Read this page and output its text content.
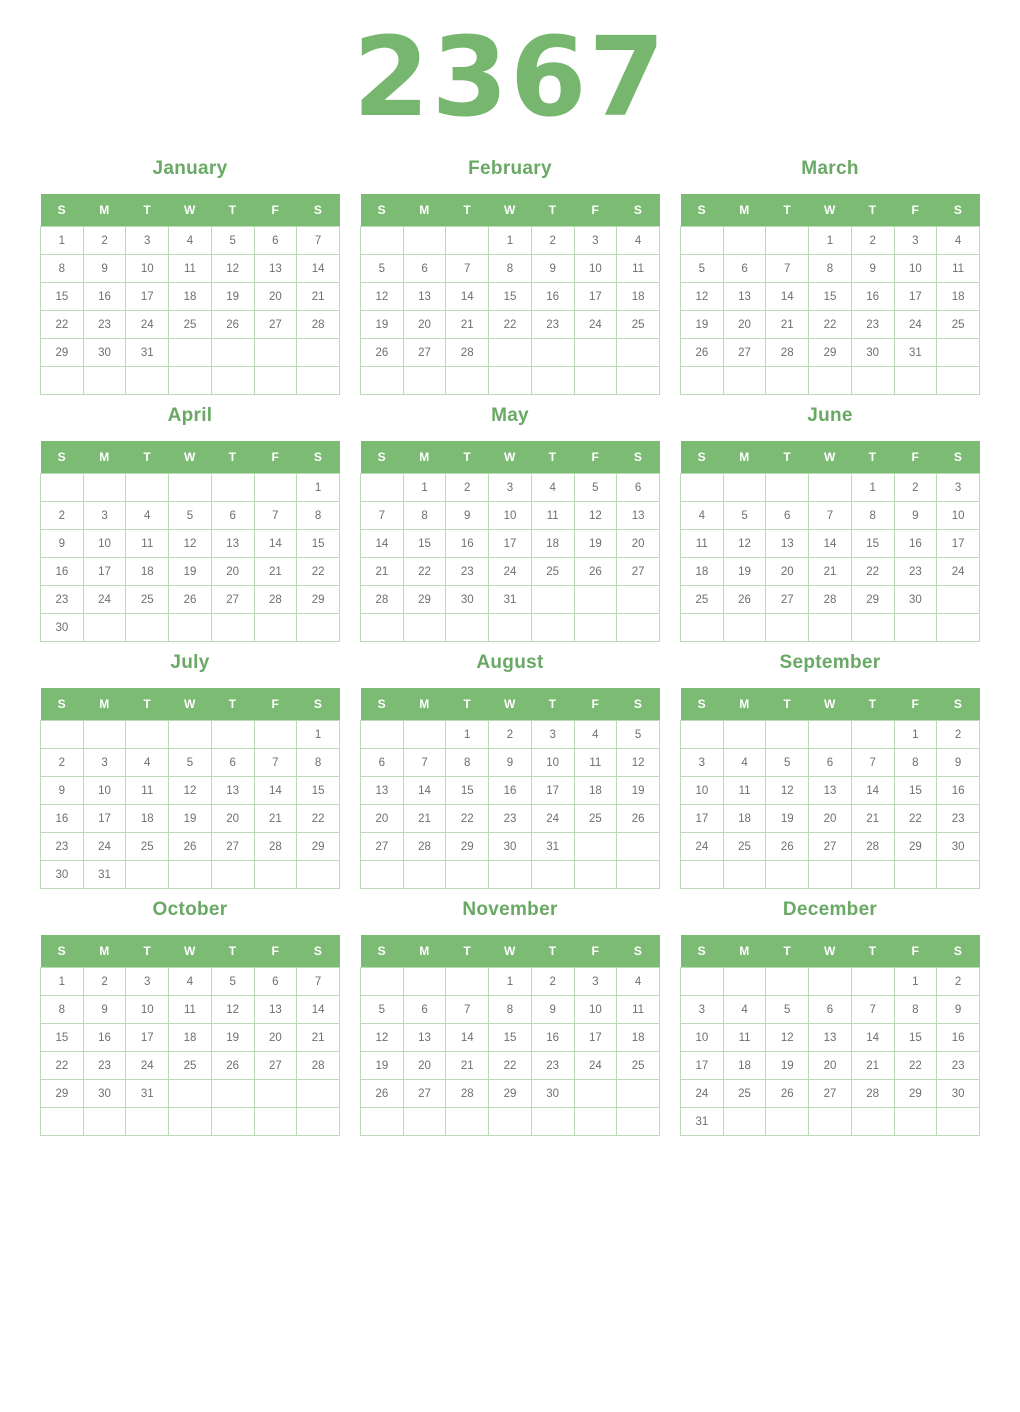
2367
January
S	M	T	W	T	F	S
1	2	3	4	5	6	7
8	9	10	11	12	13	14
15	16	17	18	19	20	21
22	23	24	25	26	27	28
29	30	31				

February
S	M	T	W	T	F	S
			1	2	3	4
5	6	7	8	9	10	11
12	13	14	15	16	17	18
19	20	21	22	23	24	25
26	27	28				

March
S	M	T	W	T	F	S
			1	2	3	4
5	6	7	8	9	10	11
12	13	14	15	16	17	18
19	20	21	22	23	24	25
26	27	28	29	30	31	

April
S	M	T	W	T	F	S
						1
2	3	4	5	6	7	8
9	10	11	12	13	14	15
16	17	18	19	20	21	22
23	24	25	26	27	28	29
30						
May
S	M	T	W	T	F	S
	1	2	3	4	5	6
7	8	9	10	11	12	13
14	15	16	17	18	19	20
21	22	23	24	25	26	27
28	29	30	31			

June
S	M	T	W	T	F	S
				1	2	3
4	5	6	7	8	9	10
11	12	13	14	15	16	17
18	19	20	21	22	23	24
25	26	27	28	29	30	

July
S	M	T	W	T	F	S
						1
2	3	4	5	6	7	8
9	10	11	12	13	14	15
16	17	18	19	20	21	22
23	24	25	26	27	28	29
30	31					
August
S	M	T	W	T	F	S
		1	2	3	4	5
6	7	8	9	10	11	12
13	14	15	16	17	18	19
20	21	22	23	24	25	26
27	28	29	30	31		

September
S	M	T	W	T	F	S
					1	2
3	4	5	6	7	8	9
10	11	12	13	14	15	16
17	18	19	20	21	22	23
24	25	26	27	28	29	30

October
S	M	T	W	T	F	S
1	2	3	4	5	6	7
8	9	10	11	12	13	14
15	16	17	18	19	20	21
22	23	24	25	26	27	28
29	30	31				

November
S	M	T	W	T	F	S
			1	2	3	4
5	6	7	8	9	10	11
12	13	14	15	16	17	18
19	20	21	22	23	24	25
26	27	28	29	30		

December
S	M	T	W	T	F	S
					1	2
3	4	5	6	7	8	9
10	11	12	13	14	15	16
17	18	19	20	21	22	23
24	25	26	27	28	29	30
31						
